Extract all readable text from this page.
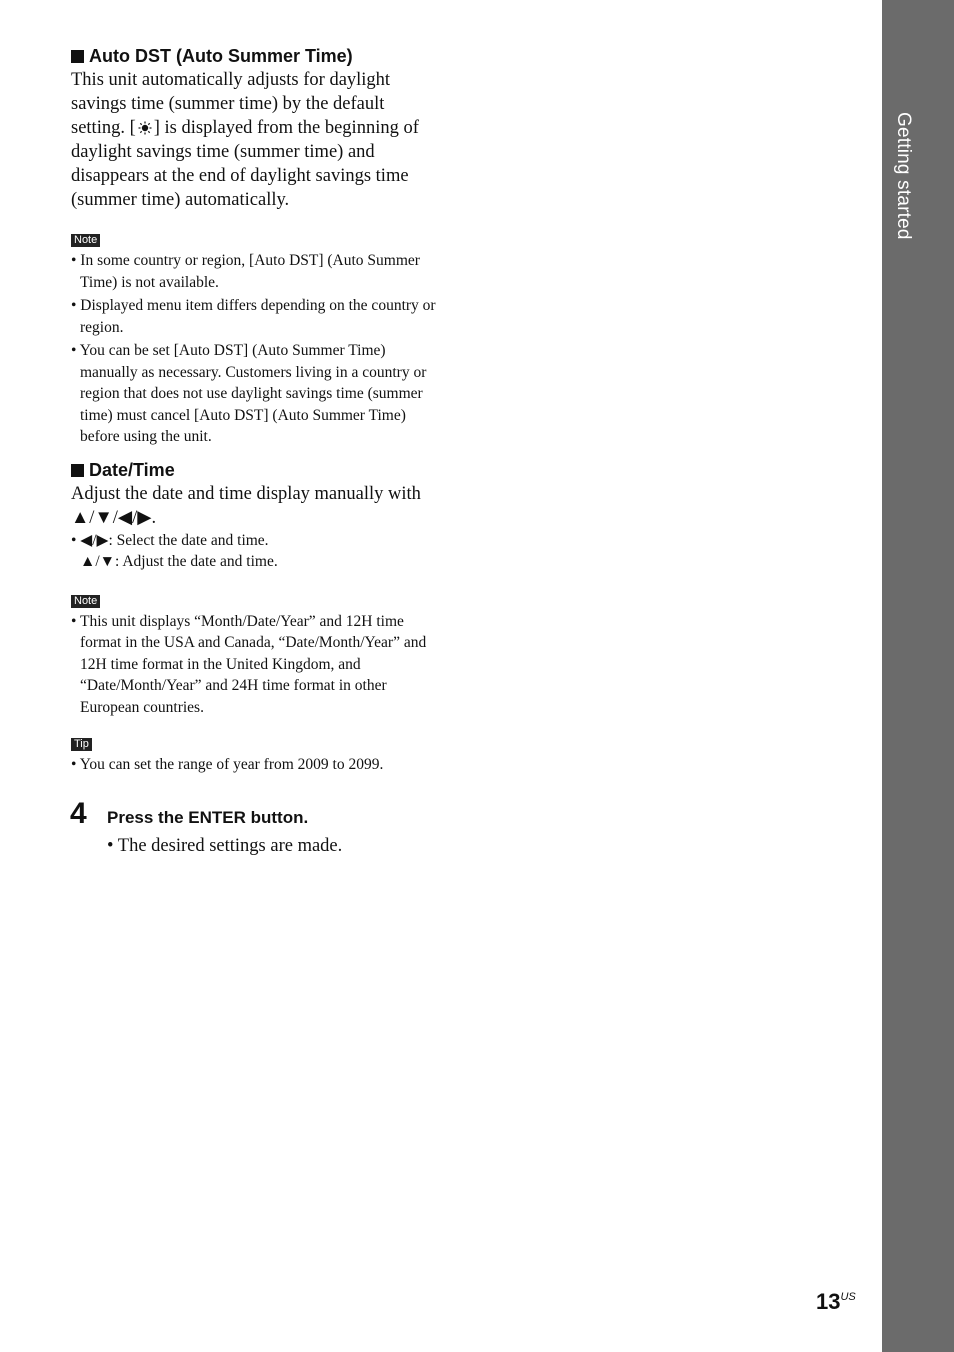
Getting started

Auto DST (Auto Summer Time)

This unit automatically adjusts for daylight savings time (summer time) by the default setting. [ ] is displayed from the beginning of daylight savings time (summer time) and disappears at the end of daylight savings time (summer time) automatically.

Note
• In some country or region, [Auto DST] (Auto Summer Time) is not available.
• Displayed menu item differs depending on the country or region.
• You can be set [Auto DST] (Auto Summer Time) manually as necessary. Customers living in a country or region that does not use daylight savings time (summer time) must cancel [Auto DST] (Auto Summer Time) before using the unit.

Date/Time

Adjust the date and time display manually with ▲/▼/◀/▶.

• ◀/▶: Select the date and time.
▲/▼: Adjust the date and time.
Note
• This unit displays “Month/Date/Year” and 12H time format in the USA and Canada, “Date/Month/Year” and 12H time format in the United Kingdom, and “Date/Month/Year” and 24H time format in other European countries.
Tip
• You can set the range of year from 2009 to 2099.
4 Press the ENTER button.
• The desired settings are made.
$13^{US}$
